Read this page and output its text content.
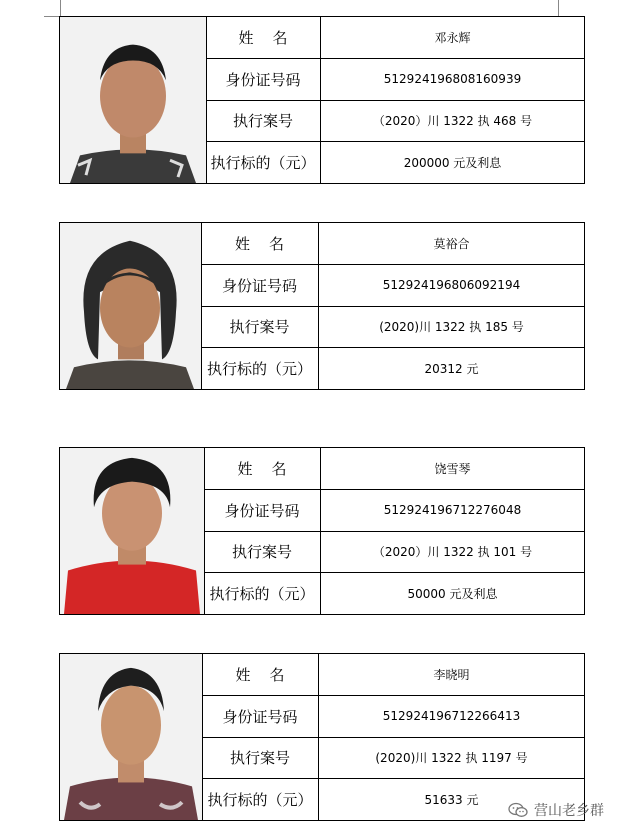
姓    名	邓永辉
身份证号码	512924196808160939
执行案号	（2020）川 1322 执 468 号
执行标的（元）	200000 元及利息
姓    名	莫裕合
身份证号码	512924196806092194
执行案号	(2020)川 1322 执 185 号
执行标的（元）	20312 元
姓    名	饶雪琴
身份证号码	512924196712276048
执行案号	（2020）川 1322 执 101 号
执行标的（元）	50000 元及利息
姓    名	李晓明
身份证号码	512924196712266413
执行案号	(2020)川 1322 执 1197 号
执行标的（元）	51633 元
营山老乡群
